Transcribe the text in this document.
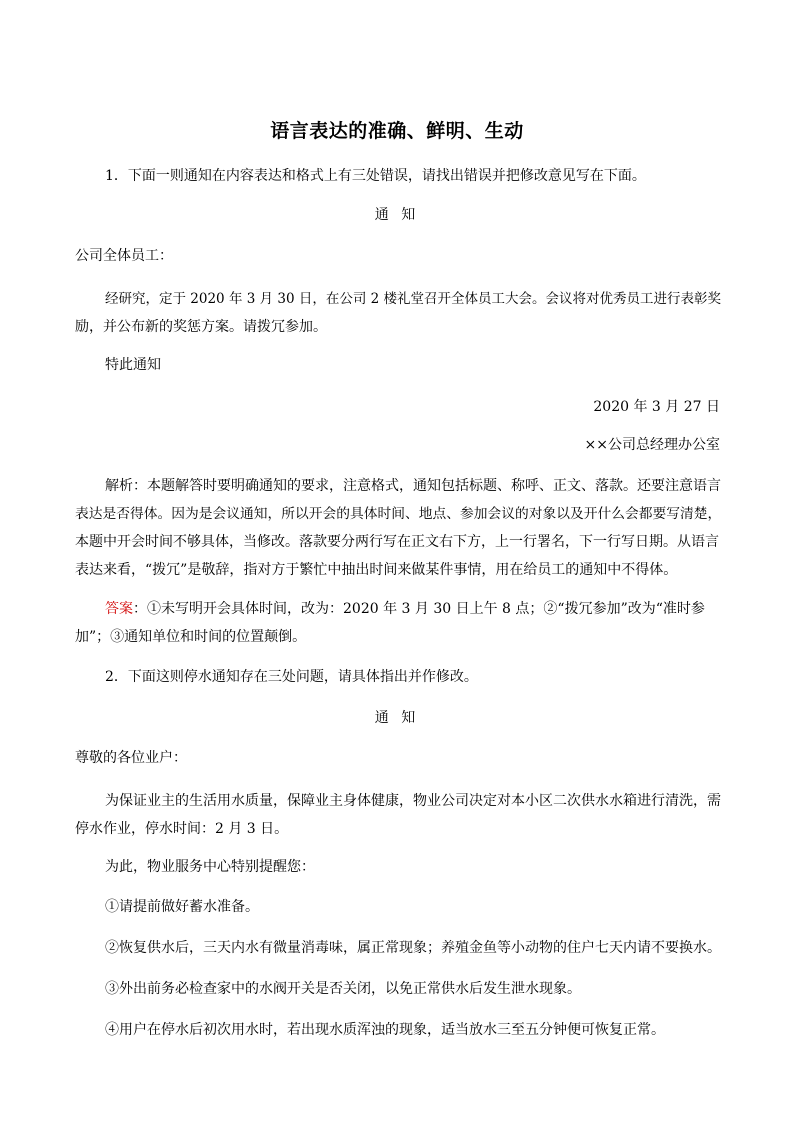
语言表达的准确、鲜明、生动
1．下面一则通知在内容表达和格式上有三处错误，请找出错误并把修改意见写在下面。
通 知
公司全体员工：
经研究，定于 2020 年 3 月 30 日，在公司 2 楼礼堂召开全体员工大会。会议将对优秀员工进行表彰奖
励，并公布新的奖惩方案。请拨冗参加。
特此通知
2020 年 3 月 27 日
××公司总经理办公室
解析：本题解答时要明确通知的要求，注意格式，通知包括标题、称呼、正文、落款。还要注意语言
表达是否得体。因为是会议通知，所以开会的具体时间、地点、参加会议的对象以及开什么会都要写清楚，
本题中开会时间不够具体，当修改。落款要分两行写在正文右下方，上一行署名，下一行写日期。从语言
表达来看，“拨冗”是敬辞，指对方于繁忙中抽出时间来做某件事情，用在给员工的通知中不得体。
答案：①未写明开会具体时间，改为：2020 年 3 月 30 日上午 8 点；②“拨冗参加”改为“准时参
加”；③通知单位和时间的位置颠倒。
2．下面这则停水通知存在三处问题，请具体指出并作修改。
通 知
尊敬的各位业户：
为保证业主的生活用水质量，保障业主身体健康，物业公司决定对本小区二次供水水箱进行清洗，需
停水作业，停水时间：2 月 3 日。
为此，物业服务中心特别提醒您：
①请提前做好蓄水准备。
②恢复供水后，三天内水有微量消毒味，属正常现象；养殖金鱼等小动物的住户七天内请不要换水。
③外出前务必检查家中的水阀开关是否关闭，以免正常供水后发生泄水现象。
④用户在停水后初次用水时，若出现水质浑浊的现象，适当放水三至五分钟便可恢复正常。
